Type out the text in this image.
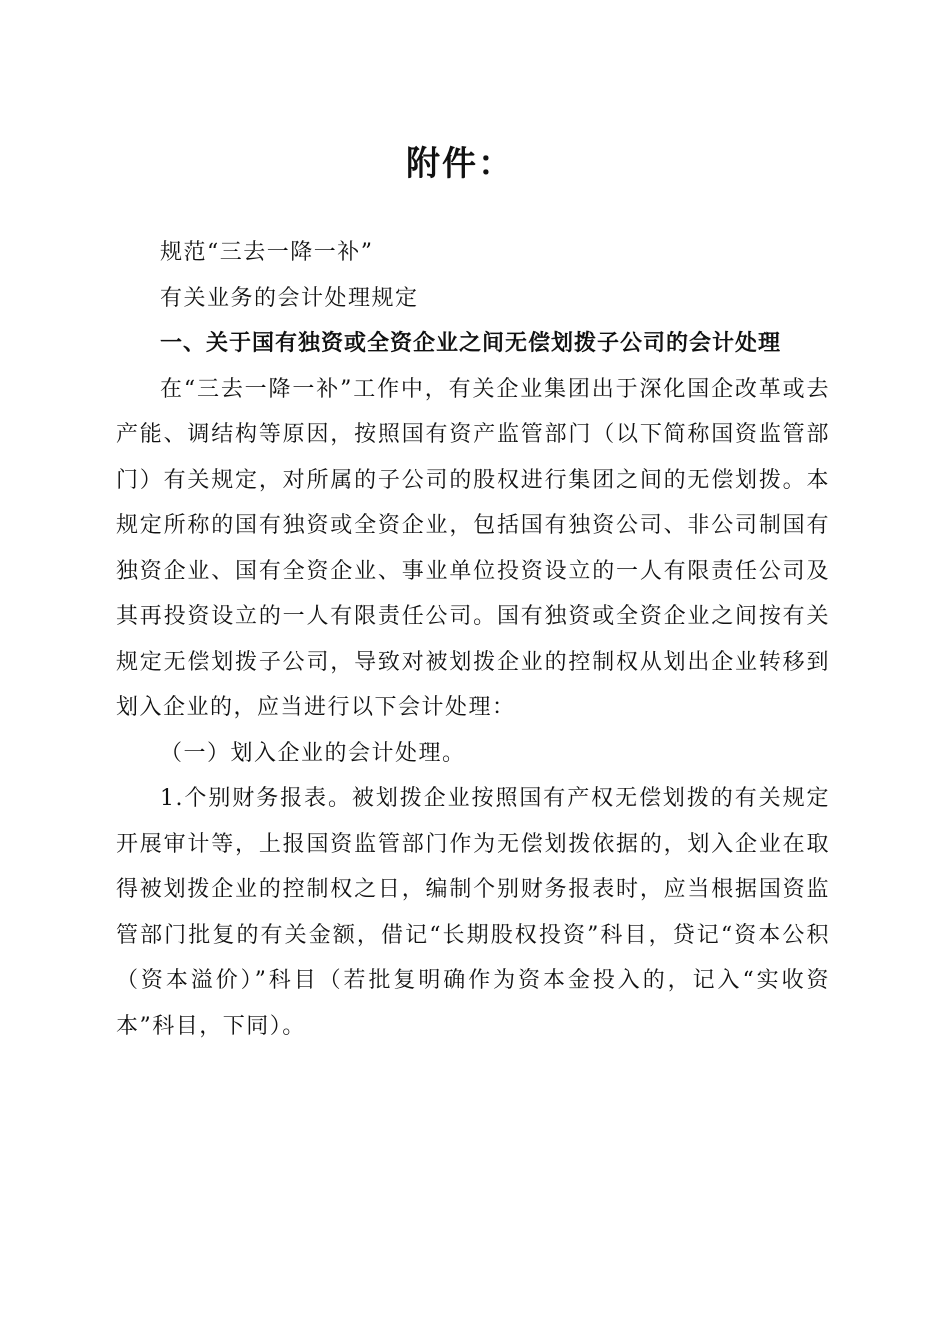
附件：

规范“三去一降一补”

有关业务的会计处理规定

一、关于国有独资或全资企业之间无偿划拨子公司的会计处理

在“三去一降一补”工作中，有关企业集团出于深化国企改革或去产能、调结构等原因，按照国有资产监管部门（以下简称国资监管部门）有关规定，对所属的子公司的股权进行集团之间的无偿划拨。本规定所称的国有独资或全资企业，包括国有独资公司、非公司制国有独资企业、国有全资企业、事业单位投资设立的一人有限责任公司及其再投资设立的一人有限责任公司。国有独资或全资企业之间按有关规定无偿划拨子公司，导致对被划拨企业的控制权从划出企业转移到划入企业的，应当进行以下会计处理：

（一）划入企业的会计处理。

1.个别财务报表。被划拨企业按照国有产权无偿划拨的有关规定开展审计等，上报国资监管部门作为无偿划拨依据的，划入企业在取得被划拨企业的控制权之日，编制个别财务报表时，应当根据国资监管部门批复的有关金额，借记“长期股权投资”科目，贷记“资本公积（资本溢价）”科目（若批复明确作为资本金投入的，记入“实收资本”科目，下同）。
